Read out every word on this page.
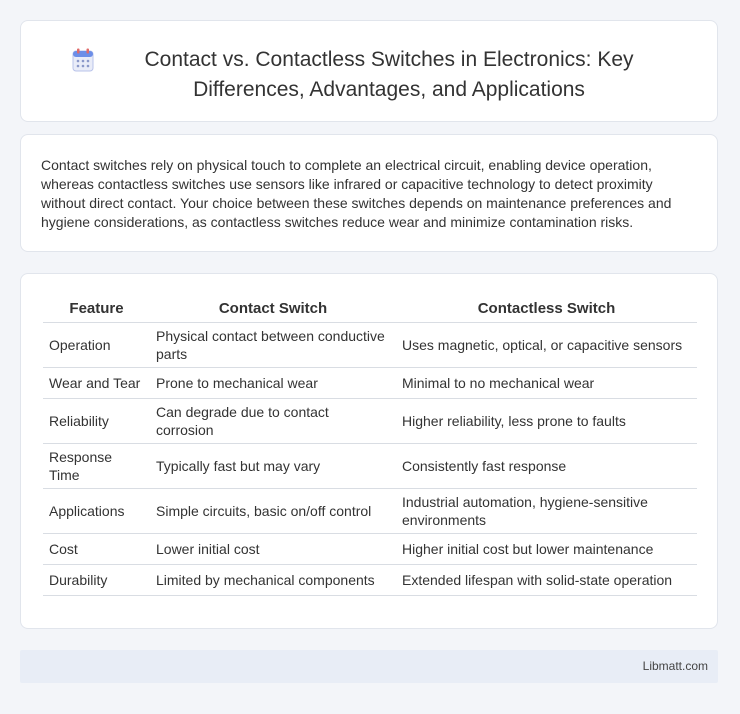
Contact vs. Contactless Switches in Electronics: Key Differences, Advantages, and Applications

Contact switches rely on physical touch to complete an electrical circuit, enabling device operation, whereas contactless switches use sensors like infrared or capacitive technology to detect proximity without direct contact. Your choice between these switches depends on maintenance preferences and hygiene considerations, as contactless switches reduce wear and minimize contamination risks.

Feature	Contact Switch	Contactless Switch
Operation	Physical contact between conductive parts	Uses magnetic, optical, or capacitive sensors
Wear and Tear	Prone to mechanical wear	Minimal to no mechanical wear
Reliability	Can degrade due to contact corrosion	Higher reliability, less prone to faults
Response Time	Typically fast but may vary	Consistently fast response
Applications	Simple circuits, basic on/off control	Industrial automation, hygiene-sensitive environments
Cost	Lower initial cost	Higher initial cost but lower maintenance
Durability	Limited by mechanical components	Extended lifespan with solid-state operation
Libmatt.com
